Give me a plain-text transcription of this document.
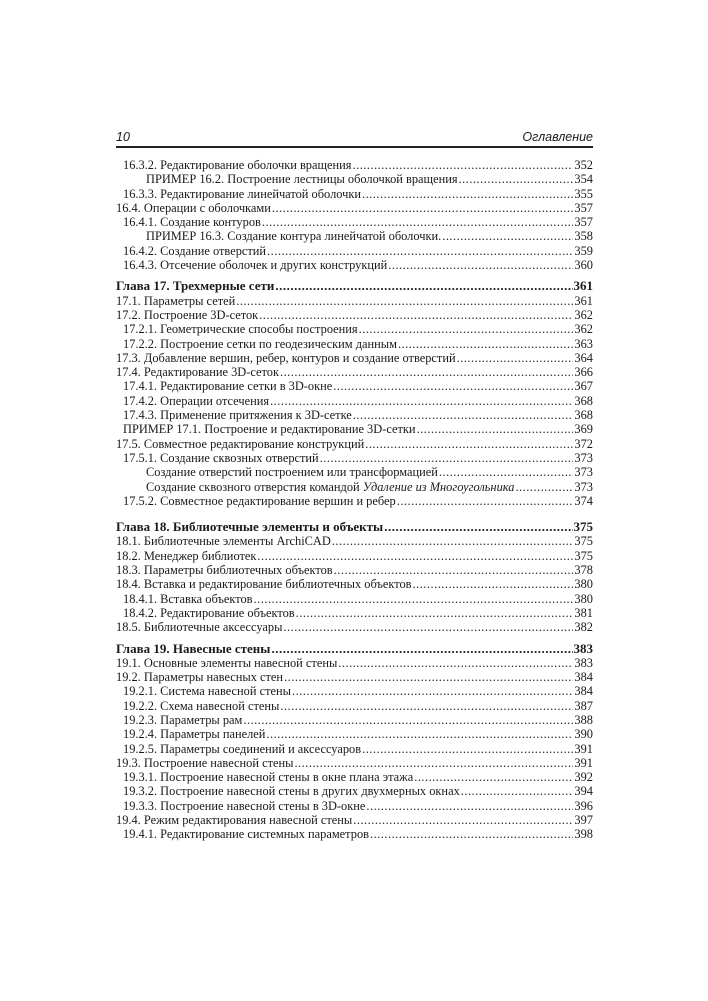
10	Оглавление
16.3.2. Редактирование оболочки вращения .....	352
ПРИМЕР 16.2. Построение лестницы оболочкой вращения .....	354
16.3.3. Редактирование линейчатой оболочки .....	355
16.4. Операции с оболочками .....	357
16.4.1. Создание контуров .....	357
ПРИМЕР 16.3. Создание контура линейчатой оболочки. .....	358
16.4.2. Создание отверстий .....	359
16.4.3. Отсечение оболочек и других конструкций .....	360
Глава 17. Трехмерные сети .....	361
17.1. Параметры сетей .....	361
17.2. Построение 3D-сеток .....	362
17.2.1. Геометрические способы построения .....	362
17.2.2. Построение сетки по геодезическим данным .....	363
17.3. Добавление вершин, ребер, контуров и создание отверстий .....	364
17.4. Редактирование 3D-сеток .....	366
17.4.1. Редактирование сетки в 3D-окне .....	367
17.4.2. Операции отсечения .....	368
17.4.3. Применение притяжения к 3D-сетке .....	368
ПРИМЕР 17.1. Построение и редактирование 3D-сетки .....	369
17.5. Совместное редактирование конструкций .....	372
17.5.1. Создание сквозных отверстий .....	373
Создание отверстий построением или трансформацией .....	373
Создание сквозного отверстия командой Удаление из Многоугольника .....	373
17.5.2. Совместное редактирование вершин и ребер .....	374
Глава 18. Библиотечные элементы и объекты .....	375
18.1. Библиотечные элементы ArchiCAD .....	375
18.2. Менеджер библиотек .....	375
18.3. Параметры библиотечных объектов .....	378
18.4. Вставка и редактирование библиотечных объектов .....	380
18.4.1. Вставка объектов .....	380
18.4.2. Редактирование объектов .....	381
18.5. Библиотечные аксессуары .....	382
Глава 19. Навесные стены .....	383
19.1. Основные элементы навесной стены .....	383
19.2. Параметры навесных стен .....	384
19.2.1. Система навесной стены .....	384
19.2.2. Схема навесной стены .....	387
19.2.3. Параметры рам .....	388
19.2.4. Параметры панелей .....	390
19.2.5. Параметры соединений и аксессуаров .....	391
19.3. Построение навесной стены .....	391
19.3.1. Построение навесной стены в окне плана этажа .....	392
19.3.2. Построение навесной стены в других двухмерных окнах .....	394
19.3.3. Построение навесной стены в 3D-окне .....	396
19.4. Режим редактирования навесной стены .....	397
19.4.1. Редактирование системных параметров .....	398
